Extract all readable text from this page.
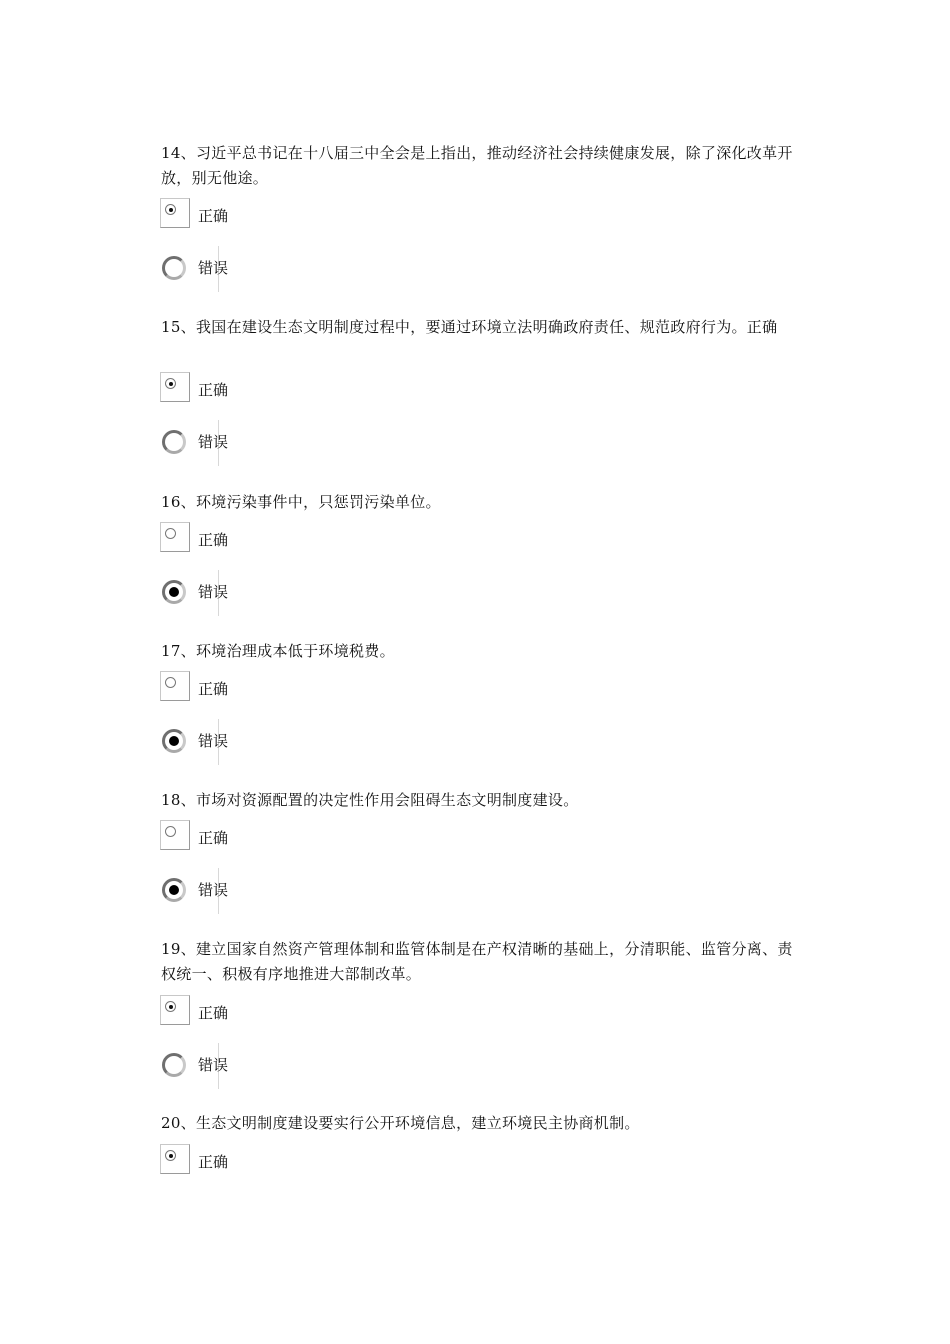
14、习近平总书记在十八届三中全会是上指出，推动经济社会持续健康发展，除了深化改革开放，别无他途。
正确
错误
15、我国在建设生态文明制度过程中，要通过环境立法明确政府责任、规范政府行为。正确
正确
错误
16、环境污染事件中，只惩罚污染单位。
正确
错误
17、环境治理成本低于环境税费。
正确
错误
18、市场对资源配置的决定性作用会阻碍生态文明制度建设。
正确
错误
19、建立国家自然资产管理体制和监管体制是在产权清晰的基础上，分清职能、监管分离、责权统一、积极有序地推进大部制改革。
正确
错误
20、生态文明制度建设要实行公开环境信息，建立环境民主协商机制。
正确
